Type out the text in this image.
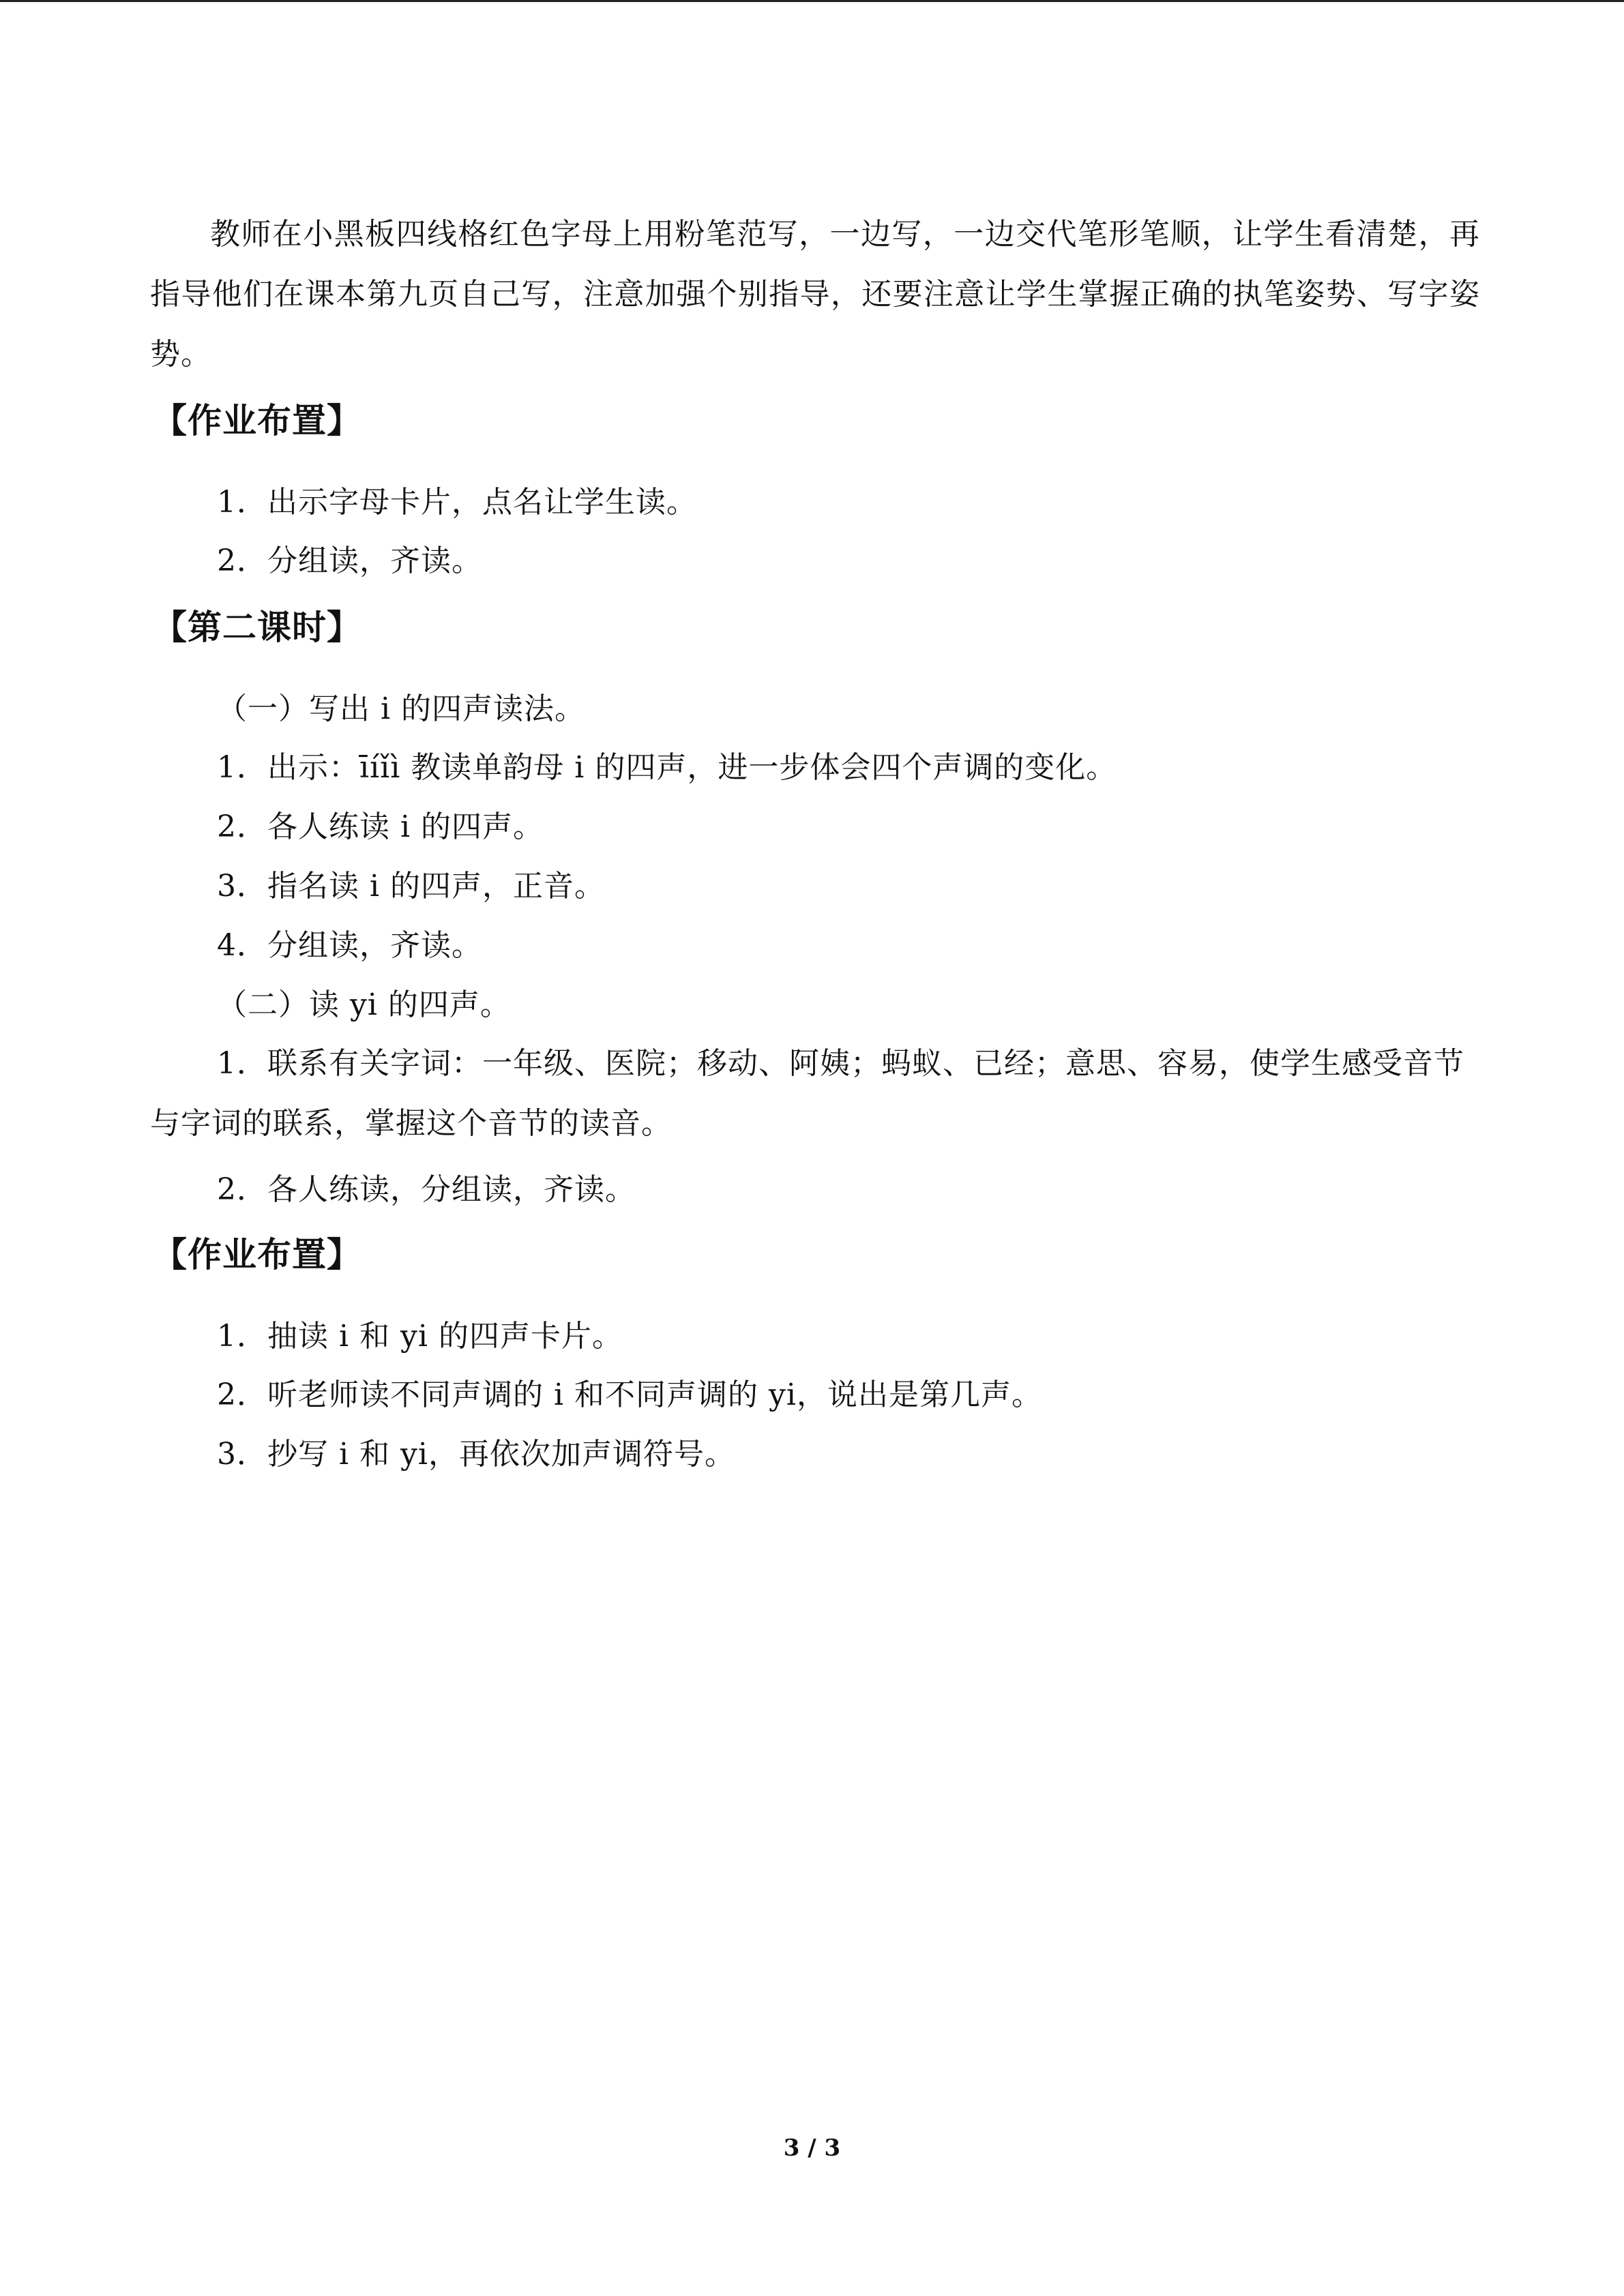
教师在小黑板四线格红色字母上用粉笔范写，一边写，一边交代笔形笔顺，让学生看清楚，再指导他们在课本第九页自己写，注意加强个别指导，还要注意让学生掌握正确的执笔姿势、写字姿势。

【作业布置】

1．出示字母卡片，点名让学生读。

2．分组读，齐读。

【第二课时】

（一）写出 i 的四声读法。

1．出示：īíǐì 教读单韵母 i 的四声，进一步体会四个声调的变化。

2．各人练读 i 的四声。

3．指名读 i 的四声，正音。

4．分组读，齐读。

（二）读 yi 的四声。

1．联系有关字词：一年级、医院；移动、阿姨；蚂蚁、已经；意思、容易，使学生感受音节与字词的联系，掌握这个音节的读音。

2．各人练读，分组读，齐读。

【作业布置】

1．抽读 i 和 yi 的四声卡片。

2．听老师读不同声调的 i 和不同声调的 yi，说出是第几声。

3．抄写 i 和 yi，再依次加声调符号。

3 / 3
